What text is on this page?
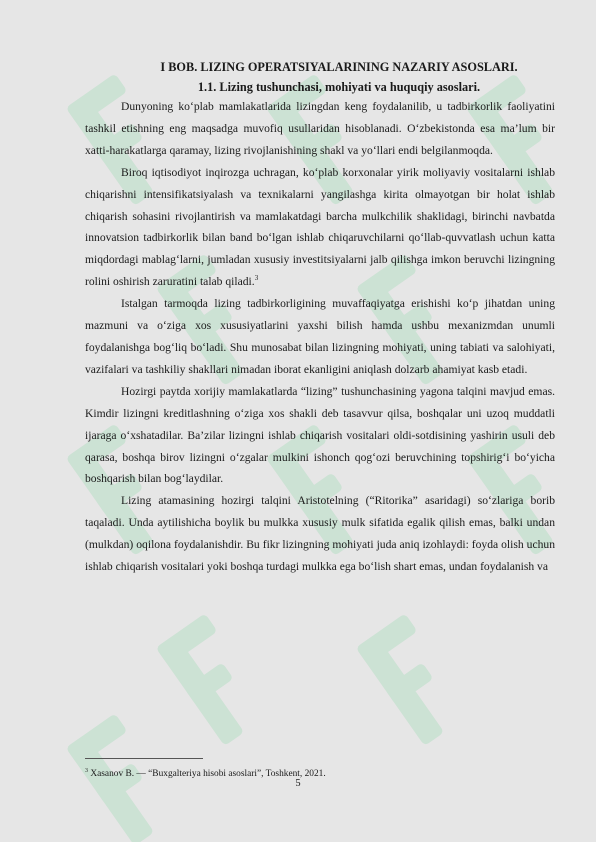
I BOB. LIZING OPERATSIYALARINING NAZARIY ASOSLARI.
1.1. Lizing tushunchasi, mohiyati va huquqiy asoslari.

Dunyoning ko‘plab mamlakatlarida lizingdan keng foydalanilib, u tadbirkorlik faoliyatini tashkil etishning eng maqsadga muvofiq usullaridan hisoblanadi. O‘zbekistonda esa ma’lum bir xatti-harakatlarga qaramay, lizing rivojlanishining shakl va yo‘llari endi belgilanmoqda.

Biroq iqtisodiyot inqirozga uchragan, ko‘plab korxonalar yirik moliyaviy vositalarni ishlab chiqarishni intensifikatsiyalash va texnikalarni yangilashga kirita olmayotgan bir holat ishlab chiqarish sohasini rivojlantirish va mamlakatdagi barcha mulkchilik shaklidagi, birinchi navbatda innovatsion tadbirkorlik bilan band bo‘lgan ishlab chiqaruvchilarni qo‘llab-quvvatlash uchun katta miqdordagi mablag‘larni, jumladan xususiy investitsiyalarni jalb qilishga imkon beruvchi lizingning rolini oshirish zaruratini talab qiladi.$^3$

Istalgan tarmoqda lizing tadbirkorligining muvaffaqiyatga erishishi ko‘p jihatdan uning mazmuni va o‘ziga xos xususiyatlarini yaxshi bilish hamda ushbu mexanizmdan unumli foydalanishga bog‘liq bo‘ladi. Shu munosabat bilan lizingning mohiyati, uning tabiati va salohiyati, vazifalari va tashkiliy shakllari nimadan iborat ekanligini aniqlash dolzarb ahamiyat kasb etadi.

Hozirgi paytda xorijiy mamlakatlarda “lizing” tushunchasining yagona talqini mavjud emas. Kimdir lizingni kreditlashning o‘ziga xos shakli deb tasavvur qilsa, boshqalar uni uzoq muddatli ijaraga o‘xshatadilar. Ba’zilar lizingni ishlab chiqarish vositalari oldi-sotdisining yashirin usuli deb qarasa, boshqa birov lizingni o‘zgalar mulkini ishonch qog‘ozi beruvchining topshirig‘i bo‘yicha boshqarish bilan bog‘laydilar.

Lizing atamasining hozirgi talqini Aristotelning (“Ritorika” asaridagi) so‘zlariga borib taqaladi. Unda aytilishicha boylik bu mulkka xususiy mulk sifatida egalik qilish emas, balki undan (mulkdan) oqilona foydalanishdir. Bu fikr lizingning mohiyati juda aniq izohlaydi: foyda olish uchun ishlab chiqarish vositalari yoki boshqa turdagi mulkka ega bo‘lish shart emas, undan foydalanish va

$^3$ Xasanov B. — “Buxgalteriya hisobi asoslari”, Toshkent, 2021.
5
